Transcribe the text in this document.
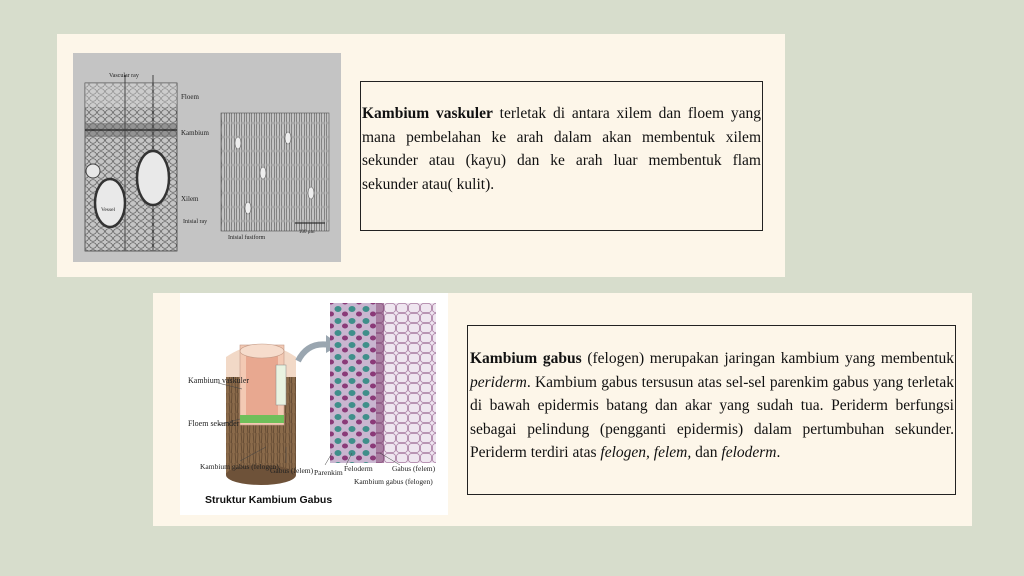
Vascular ray
Floem
Kambium
Vessel
Xilem
Inisial ray
Inisial fusiform
100 µm
Kambium vaskuler terletak di antara xilem dan floem yang mana pembelahan ke arah dalam akan membentuk xilem sekunder atau (kayu) dan ke arah luar membentuk flam sekunder atau( kulit).
Kambium vaskuler
Floem sekunder
Kambium gabus (felogen)
Gabus (felem) Parenkim Feloderm	Gabus (felem)
Kambium gabus (felogen)
Struktur Kambium Gabus
Kambium gabus (felogen) merupakan jaringan kambium yang membentuk periderm. Kambium gabus tersusun atas sel-sel parenkim gabus yang terletak di bawah epidermis batang dan akar yang sudah tua. Periderm berfungsi sebagai pelindung (pengganti epidermis) dalam pertumbuhan sekunder. Periderm terdiri atas felogen, felem, dan feloderm.
